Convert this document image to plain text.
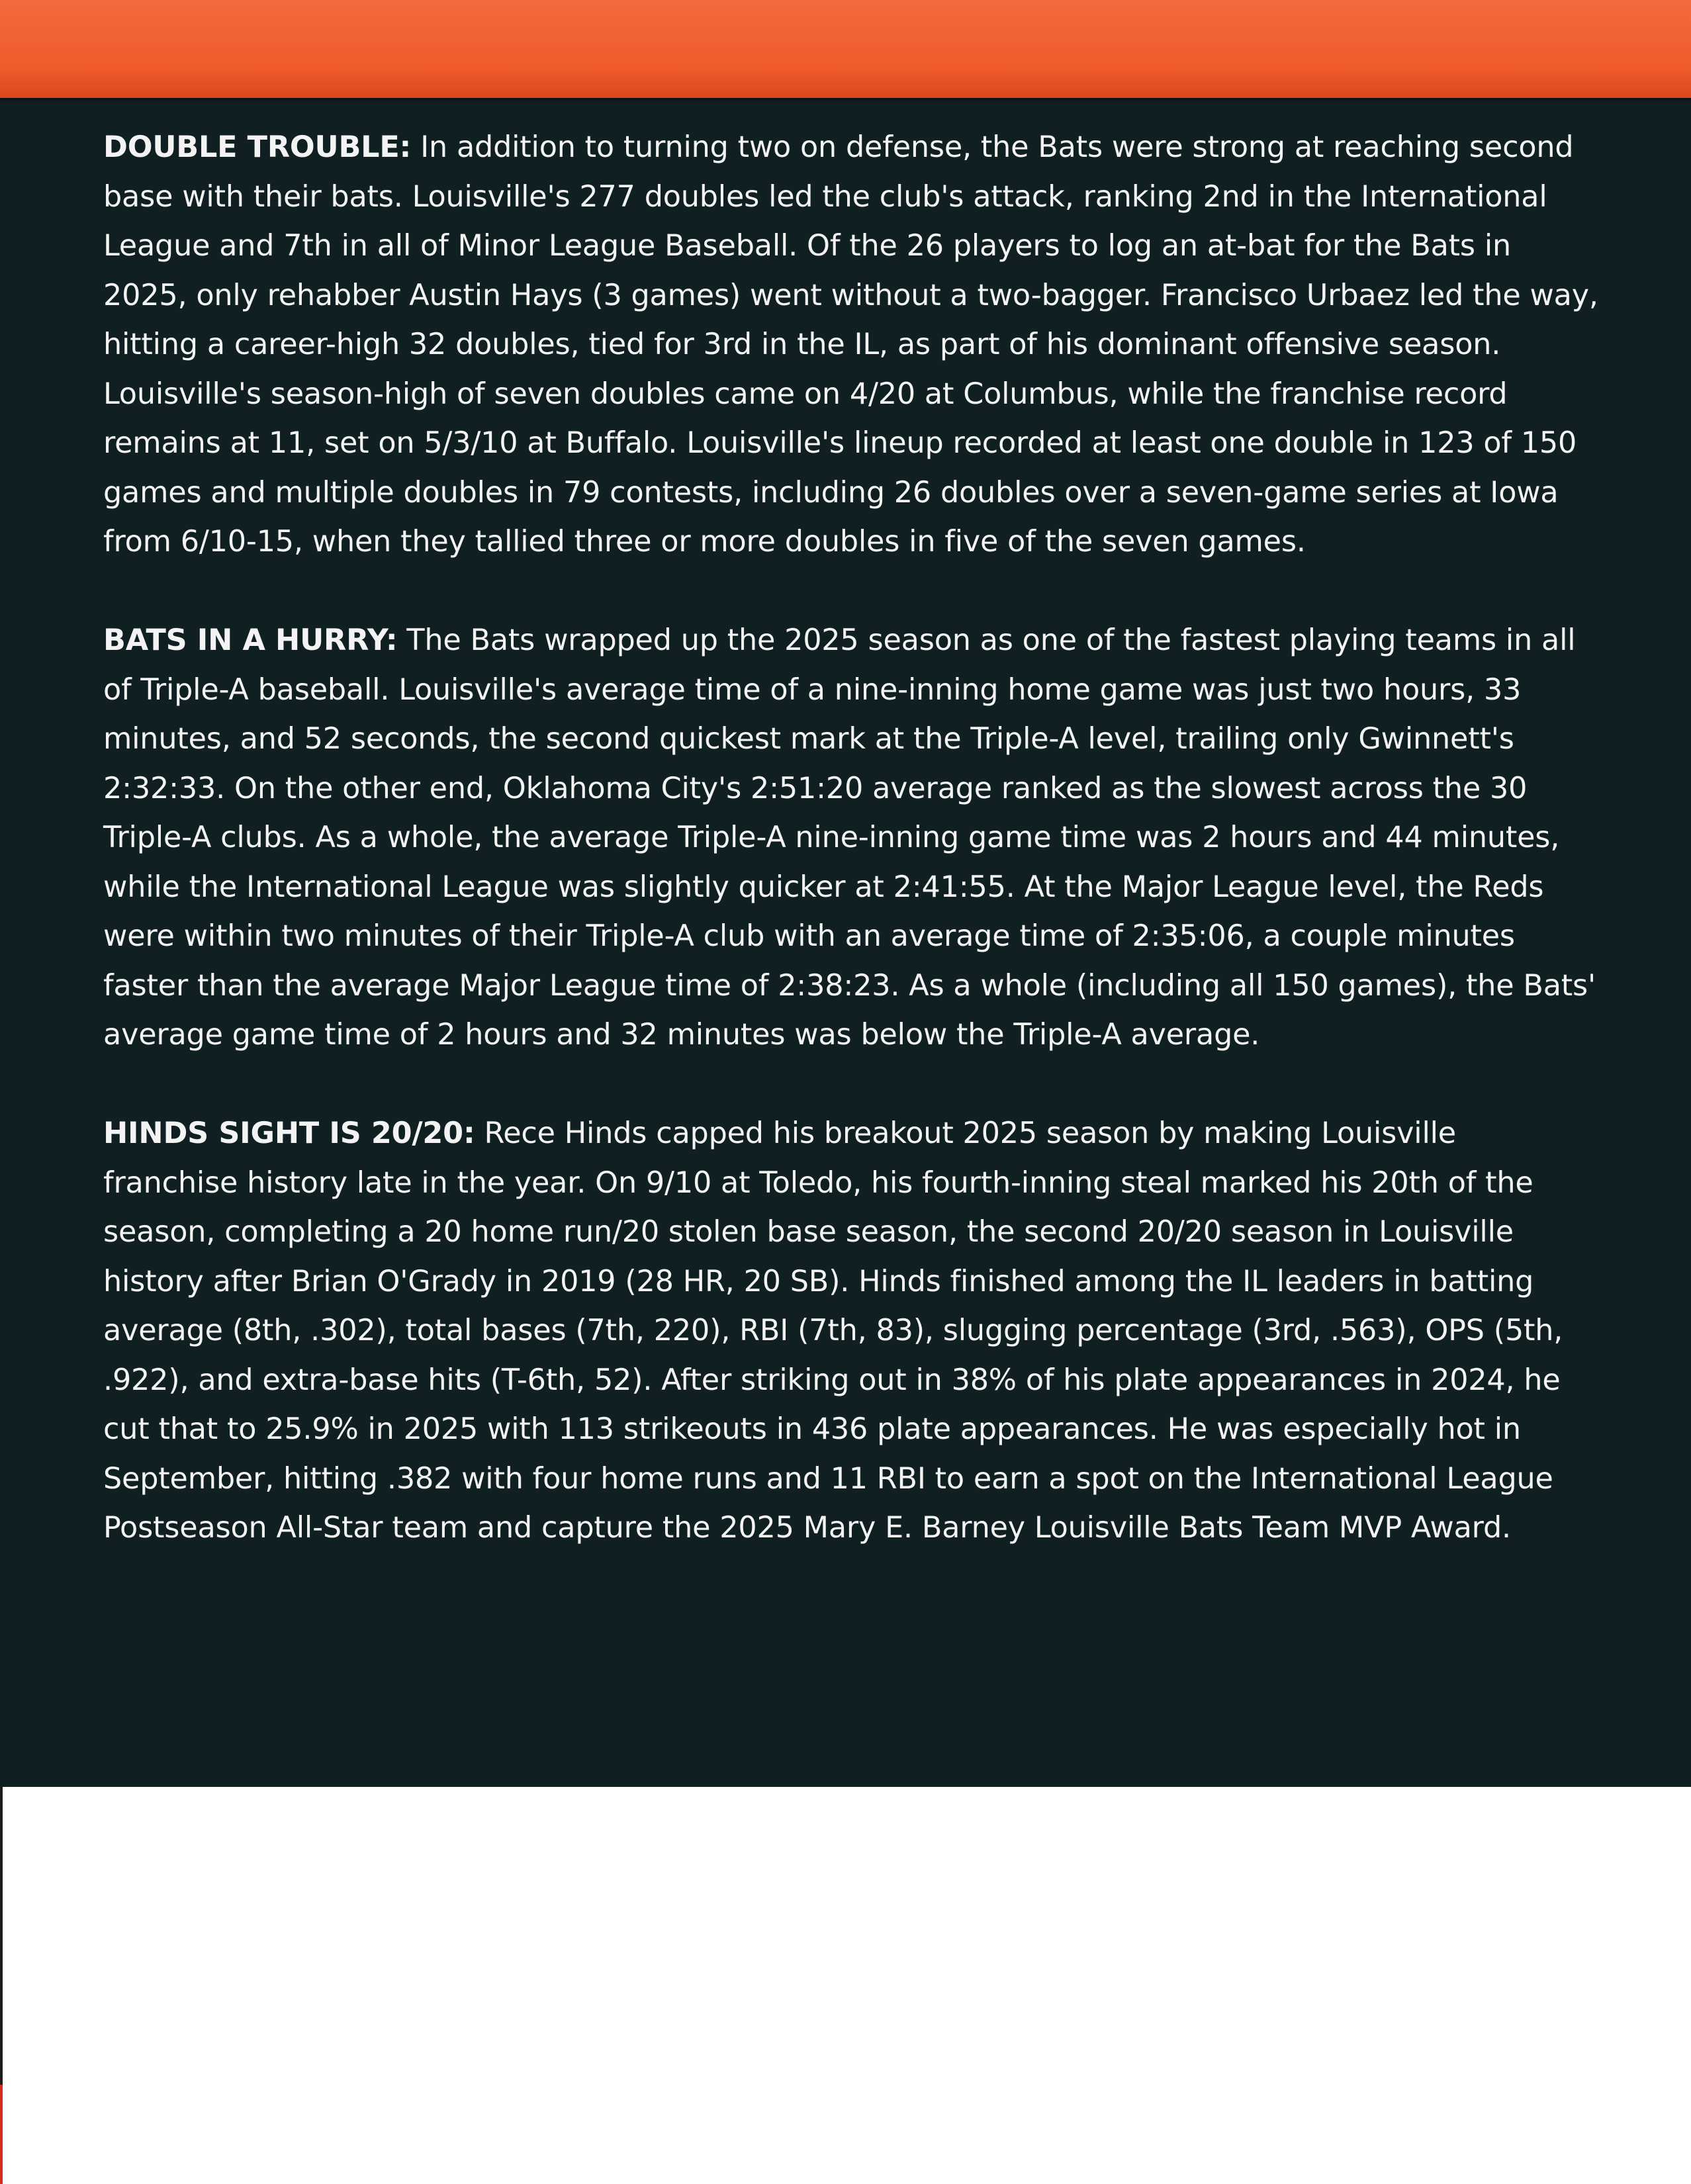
DOUBLE TROUBLE: In addition to turning two on defense, the Bats were strong at reaching second base with their bats. Louisville's 277 doubles led the club's attack, ranking 2nd in the International League and 7th in all of Minor League Baseball. Of the 26 players to log an at-bat for the Bats in 2025, only rehabber Austin Hays (3 games) went without a two-bagger. Francisco Urbaez led the way, hitting a career-high 32 doubles, tied for 3rd in the IL, as part of his dominant offensive season. Louisville's season-high of seven doubles came on 4/20 at Columbus, while the franchise record remains at 11, set on 5/3/10 at Buffalo. Louisville's lineup recorded at least one double in 123 of 150 games and multiple doubles in 79 contests, including 26 doubles over a seven-game series at Iowa from 6/10-15, when they tallied three or more doubles in five of the seven games.

BATS IN A HURRY: The Bats wrapped up the 2025 season as one of the fastest playing teams in all of Triple-A baseball. Louisville's average time of a nine-inning home game was just two hours, 33 minutes, and 52 seconds, the second quickest mark at the Triple-A level, trailing only Gwinnett's 2:32:33. On the other end, Oklahoma City's 2:51:20 average ranked as the slowest across the 30 Triple-A clubs. As a whole, the average Triple-A nine-inning game time was 2 hours and 44 minutes, while the International League was slightly quicker at 2:41:55. At the Major League level, the Reds were within two minutes of their Triple-A club with an average time of 2:35:06, a couple minutes faster than the average Major League time of 2:38:23. As a whole (including all 150 games), the Bats' average game time of 2 hours and 32 minutes was below the Triple-A average.

HINDS SIGHT IS 20/20: Rece Hinds capped his breakout 2025 season by making Louisville franchise history late in the year. On 9/10 at Toledo, his fourth-inning steal marked his 20th of the season, completing a 20 home run/20 stolen base season, the second 20/20 season in Louisville history after Brian O'Grady in 2019 (28 HR, 20 SB). Hinds finished among the IL leaders in batting average (8th, .302), total bases (7th, 220), RBI (7th, 83), slugging percentage (3rd, .563), OPS (5th, .922), and extra-base hits (T-6th, 52). After striking out in 38% of his plate appearances in 2024, he cut that to 25.9% in 2025 with 113 strikeouts in 436 plate appearances. He was especially hot in September, hitting .382 with four home runs and 11 RBI to earn a spot on the International League Postseason All-Star team and capture the 2025 Mary E. Barney Louisville Bats Team MVP Award.
